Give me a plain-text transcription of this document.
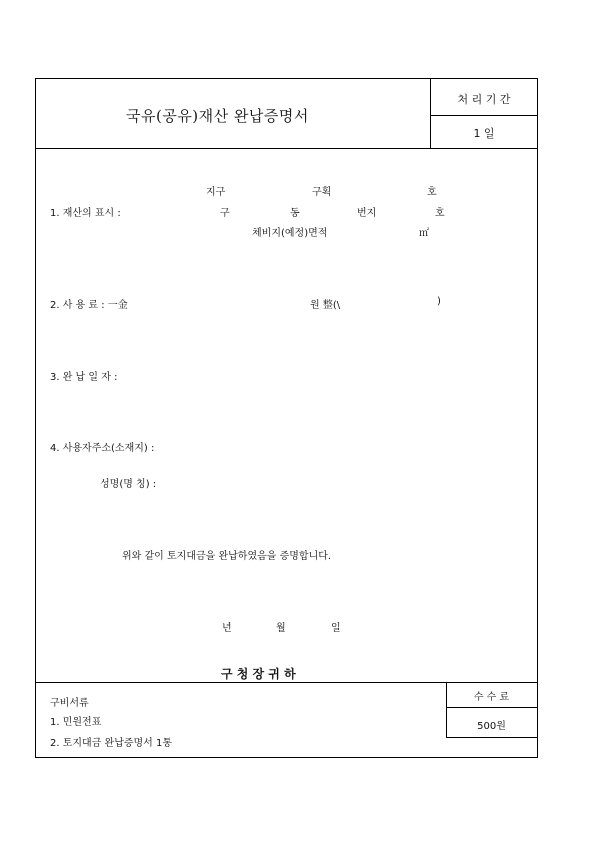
국유(공유)재산 완납증명서
처 리 기 간
1 일
지구	구획	호
1. 재산의 표시 :	구	동	번지	호
체비지(예정)면적	㎡
2. 사 용 료 : 一金	원 整(\	)
3. 완 납 일 자 :
4. 사용자주소(소재지) :
성명(명 칭) :
위와 같이 토지대금을 완납하였음을 증명합니다.
년	월	일
구 청 장 귀 하
구비서류
1. 민원전표
2. 토지대금 완납증명서 1통
수 수 료
500원
